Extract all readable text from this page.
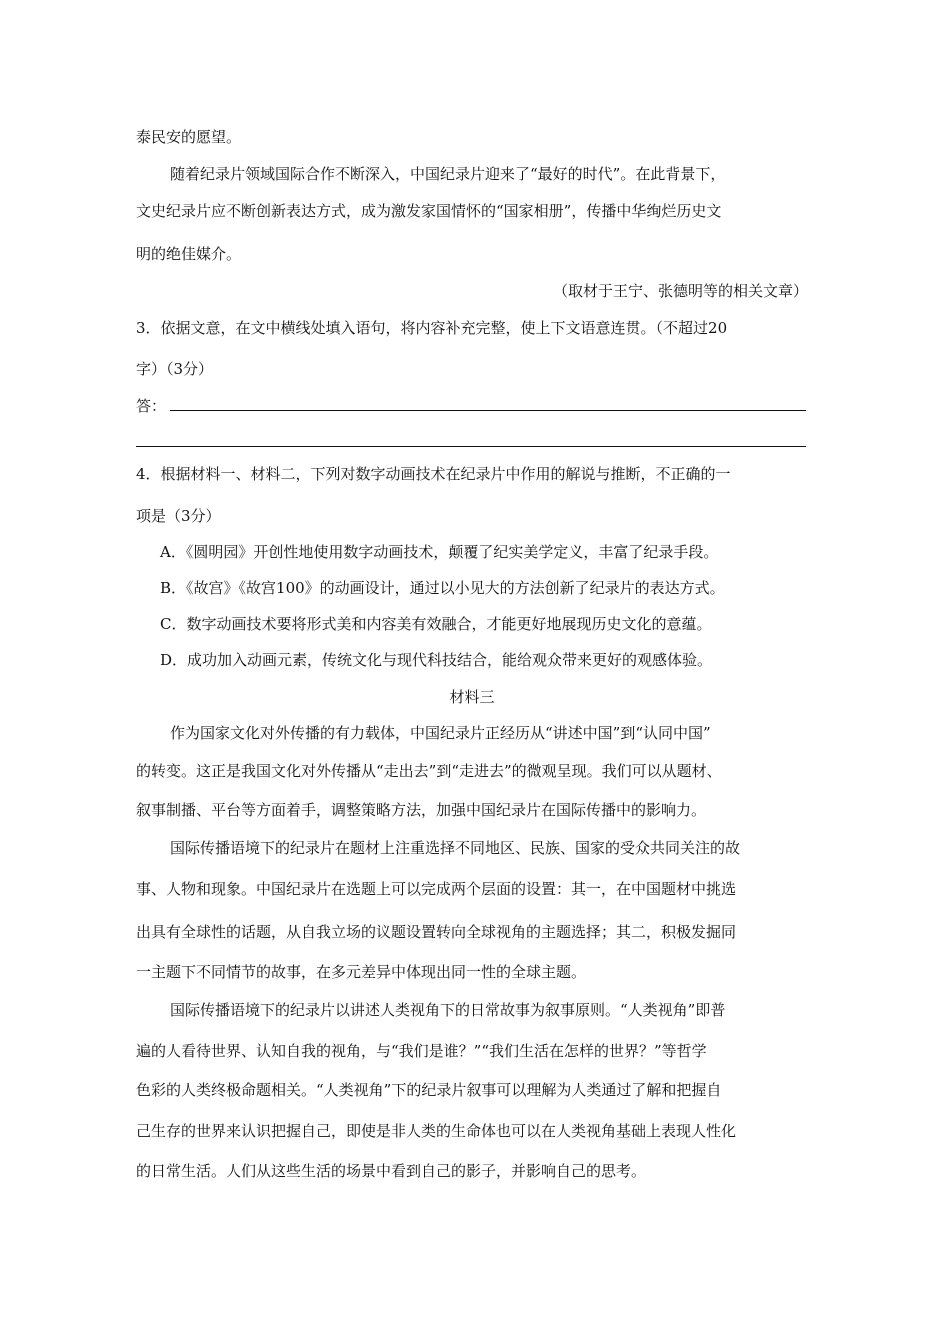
泰民安的愿望。
随着纪录片领域国际合作不断深入，中国纪录片迎来了“最好的时代”。在此背景下，
文史纪录片应不断创新表达方式，成为激发家国情怀的“国家相册”，传播中华绚烂历史文
明的绝佳媒介。
（取材于王宁、张德明等的相关文章）
3．依据文意，在文中横线处填入语句，将内容补充完整，使上下文语意连贯。（不超过20
字）（3分）
答：
4．根据材料一、材料二，下列对数字动画技术在纪录片中作用的解说与推断，不正确的一
项是（3分）
A．《圆明园》开创性地使用数字动画技术，颠覆了纪实美学定义，丰富了纪录手段。
B．《故宫》《故宫100》的动画设计，通过以小见大的方法创新了纪录片的表达方式。
C．数字动画技术要将形式美和内容美有效融合，才能更好地展现历史文化的意蕴。
D．成功加入动画元素，传统文化与现代科技结合，能给观众带来更好的观感体验。
材料三
作为国家文化对外传播的有力载体，中国纪录片正经历从“讲述中国”到“认同中国”
的转变。这正是我国文化对外传播从“走出去”到“走进去”的微观呈现。我们可以从题材、
叙事制播、平台等方面着手，调整策略方法，加强中国纪录片在国际传播中的影响力。
国际传播语境下的纪录片在题材上注重选择不同地区、民族、国家的受众共同关注的故
事、人物和现象。中国纪录片在选题上可以完成两个层面的设置：其一，在中国题材中挑选
出具有全球性的话题，从自我立场的议题设置转向全球视角的主题选择；其二，积极发掘同
一主题下不同情节的故事，在多元差异中体现出同一性的全球主题。
国际传播语境下的纪录片以讲述人类视角下的日常故事为叙事原则。“人类视角”即普
遍的人看待世界、认知自我的视角，与“我们是谁？”“我们生活在怎样的世界？”等哲学
色彩的人类终极命题相关。“人类视角”下的纪录片叙事可以理解为人类通过了解和把握自
己生存的世界来认识把握自己，即使是非人类的生命体也可以在人类视角基础上表现人性化
的日常生活。人们从这些生活的场景中看到自己的影子，并影响自己的思考。
